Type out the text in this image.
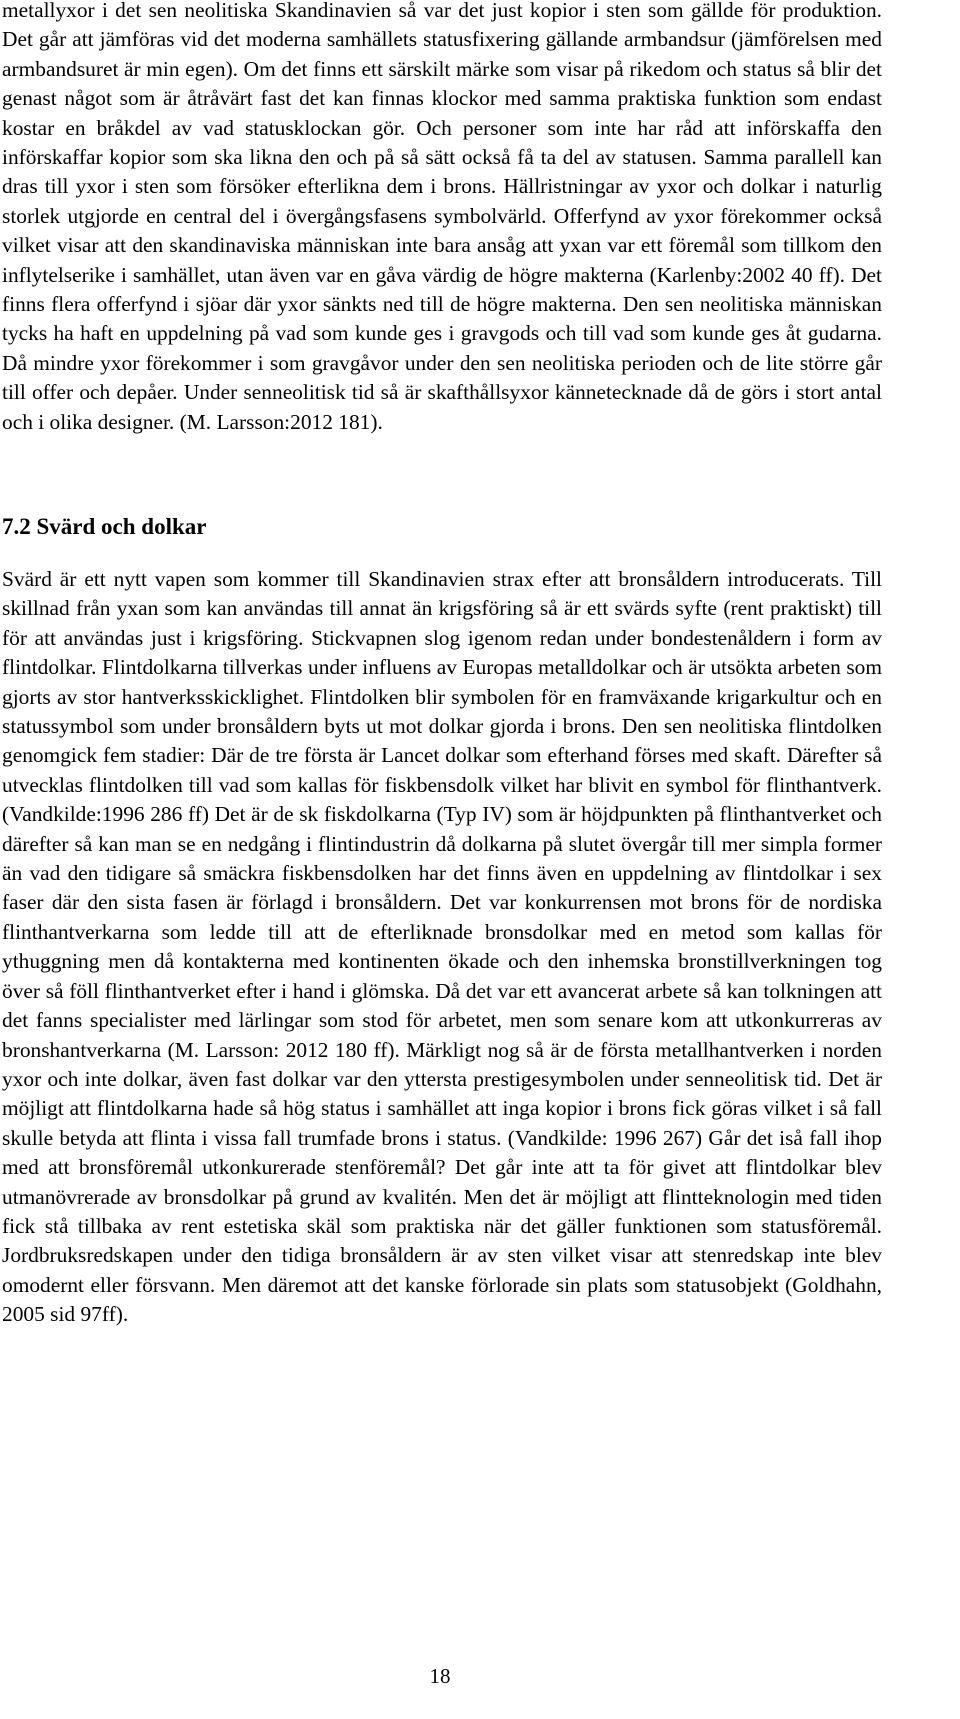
metallyxor i det sen neolitiska Skandinavien så var det just kopior i sten som gällde för produktion. Det går att jämföras vid det moderna samhällets statusfixering gällande armbandsur (jämförelsen med armbandsuret är min egen). Om det finns ett särskilt märke som visar på rikedom och status så blir det genast något som är åtråvärt fast det kan finnas klockor med samma praktiska funktion som endast kostar en bråkdel av vad statusklockan gör. Och personer som inte har råd att införskaffa den införskaffar kopior som ska likna den och på så sätt också få ta del av statusen. Samma parallell kan dras till yxor i sten som försöker efterlikna dem i brons. Hällristningar av yxor och dolkar i naturlig storlek utgjorde en central del i övergångsfasens symbolvärld. Offerfynd av yxor förekommer också vilket visar att den skandinaviska människan inte bara ansåg att yxan var ett föremål som tillkom den inflytelserike i samhället, utan även var en gåva värdig de högre makterna (Karlenby:2002 40 ff). Det finns flera offerfynd i sjöar där yxor sänkts ned till de högre makterna. Den sen neolitiska människan tycks ha haft en uppdelning på vad som kunde ges i gravgods och till vad som kunde ges åt gudarna. Då mindre yxor förekommer i som gravgåvor under den sen neolitiska perioden och de lite större går till offer och depåer. Under senneolitisk tid så är skafthållsyxor kännetecknade då de görs i stort antal och i olika designer. (M. Larsson:2012 181).

7.2 Svärd och dolkar

Svärd är ett nytt vapen som kommer till Skandinavien strax efter att bronsåldern introducerats. Till skillnad från yxan som kan användas till annat än krigsföring så är ett svärds syfte (rent praktiskt) till för att användas just i krigsföring. Stickvapnen slog igenom redan under bondestenåldern i form av flintdolkar. Flintdolkarna tillverkas under influens av Europas metalldolkar och är utsökta arbeten som gjorts av stor hantverksskicklighet. Flintdolken blir symbolen för en framväxande krigarkultur och en statussymbol som under bronsåldern byts ut mot dolkar gjorda i brons. Den sen neolitiska flintdolken genomgick fem stadier: Där de tre första är Lancet dolkar som efterhand förses med skaft. Därefter så utvecklas flintdolken till vad som kallas för fiskbensdolk vilket har blivit en symbol för flinthantverk.(Vandkilde:1996 286 ff) Det är de sk fiskdolkarna (Typ IV) som är höjdpunkten på flinthantverket och därefter så kan man se en nedgång i flintindustrin då dolkarna på slutet övergår till mer simpla former än vad den tidigare så smäckra fiskbensdolken har det finns även en uppdelning av flintdolkar i sex faser där den sista fasen är förlagd i bronsåldern. Det var konkurrensen mot brons för de nordiska flinthantverkarna som ledde till att de efterliknade bronsdolkar med en metod som kallas för ythuggning men då kontakterna med kontinenten ökade och den inhemska bronstillverkningen tog över så föll flinthantverket efter i hand i glömska. Då det var ett avancerat arbete så kan tolkningen att det fanns specialister med lärlingar som stod för arbetet, men som senare kom att utkonkurreras av bronshantverkarna (M. Larsson: 2012 180 ff). Märkligt nog så är de första metallhantverken i norden yxor och inte dolkar, även fast dolkar var den yttersta prestigesymbolen under senneolitisk tid. Det är möjligt att flintdolkarna hade så hög status i samhället att inga kopior i brons fick göras vilket i så fall skulle betyda att flinta i vissa fall trumfade brons i status. (Vandkilde: 1996 267) Går det iså fall ihop med att bronsföremål utkonkurerade stenföremål? Det går inte att ta för givet att flintdolkar blev utmanövrerade av bronsdolkar på grund av kvalitén. Men det är möjligt att flintteknologin med tiden fick stå tillbaka av rent estetiska skäl som praktiska när det gäller funktionen som statusföremål. Jordbruksredskapen under den tidiga bronsåldern är av sten vilket visar att stenredskap inte blev omodernt eller försvann. Men däremot att det kanske förlorade sin plats som statusobjekt (Goldhahn, 2005 sid 97ff).

18
